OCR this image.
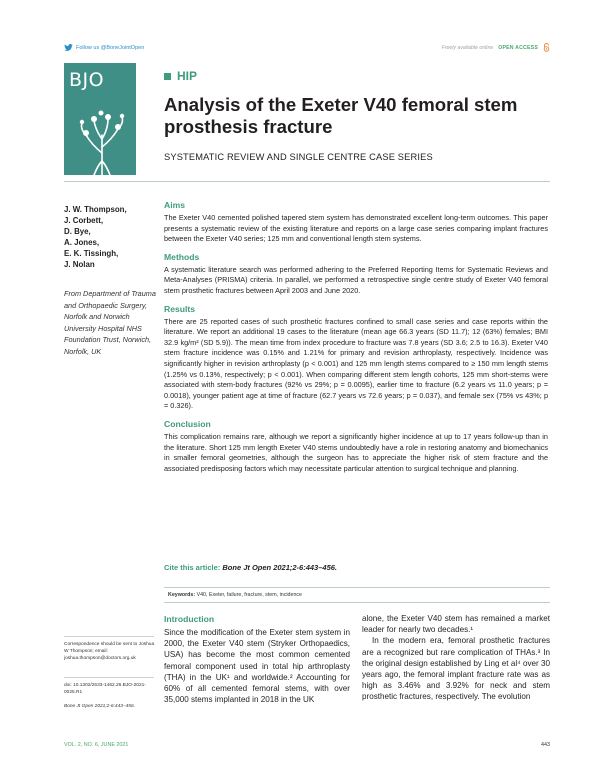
Follow us @BoneJointOpen	Freely available online OPEN ACCESS
BJO	HIP
Analysis of the Exeter V40 femoral stem prosthesis fracture
SYSTEMATIC REVIEW AND SINGLE CENTRE CASE SERIES
J. W. Thompson,
J. Corbett,
D. Bye,
A. Jones,
E. K. Tissingh,
J. Nolan
From Department of Trauma and Orthopaedic Surgery, Norfolk and Norwich University Hospital NHS Foundation Trust, Norwich, Norfolk, UK
Aims

The Exeter V40 cemented polished tapered stem system has demonstrated excellent long-term outcomes. This paper presents a systematic review of the existing literature and reports on a large case series comparing implant fractures between the Exeter V40 series; 125 mm and conventional length stem systems.

Methods

A systematic literature search was performed adhering to the Preferred Reporting Items for Systematic Reviews and Meta-Analyses (PRISMA) criteria. In parallel, we performed a retrospective single centre study of Exeter V40 femoral stem prosthetic fractures between April 2003 and June 2020.

Results

There are 25 reported cases of such prosthetic fractures confined to small case series and case reports within the literature. We report an additional 19 cases to the literature (mean age 66.3 years (SD 11.7); 12 (63%) females; BMI 32.9 kg/m² (SD 5.9)). The mean time from index procedure to fracture was 7.8 years (SD 3.6; 2.5 to 16.3). Exeter V40 stem fracture incidence was 0.15% and 1.21% for primary and revision arthroplasty, respectively. Incidence was significantly higher in revision arthroplasty (p < 0.001) and 125 mm length stems compared to ≥ 150 mm length stems (1.25% vs 0.13%, respectively; p < 0.001). When comparing different stem length cohorts, 125 mm short-stems were associated with stem-body fractures (92% vs 29%; p = 0.0095), earlier time to fracture (6.2 years vs 11.0 years; p = 0.0018), younger patient age at time of fracture (62.7 years vs 72.6 years; p = 0.037), and female sex (75% vs 43%; p = 0.326).

Conclusion

This complication remains rare, although we report a significantly higher incidence at up to 17 years follow-up than in the literature. Short 125 mm length Exeter V40 stems undoubtedly have a role in restoring anatomy and biomechanics in smaller femoral geometries, although the surgeon has to appreciate the higher risk of stem fracture and the associated predisposing factors which may necessitate particular attention to surgical technique and planning.

Cite this article: Bone Jt Open 2021;2-6:443–456.
Keywords: V40, Exeter, failure, fracture, stem, incidence
Correspondence should be sent to Joshua W Thompson; email: joshua.thompson@doctors.org.uk
doi: 10.1302/2633-1462.26.BJO-2021-0025.R1
Bone Jt Open 2021;2-6:443–456.
Introduction

Since the modification of the Exeter stem system in 2000, the Exeter V40 stem (Stryker Orthopaedics, USA) has become the most common cemented femoral component used in total hip arthroplasty (THA) in the UK¹ and worldwide.² Accounting for 60% of all cemented femoral stems, with over 35,000 stems implanted in 2018 in the UK

alone, the Exeter V40 stem has remained a market leader for nearly two decades.¹

In the modern era, femoral prosthetic fractures are a recognized but rare complication of THAs.³ In the original design established by Ling et al⁴ over 30 years ago, the femoral implant fracture rate was as high as 3.46% and 3.92% for neck and stem prosthetic fractures, respectively. The evolution

VOL. 2, NO. 6, JUNE 2021	443
